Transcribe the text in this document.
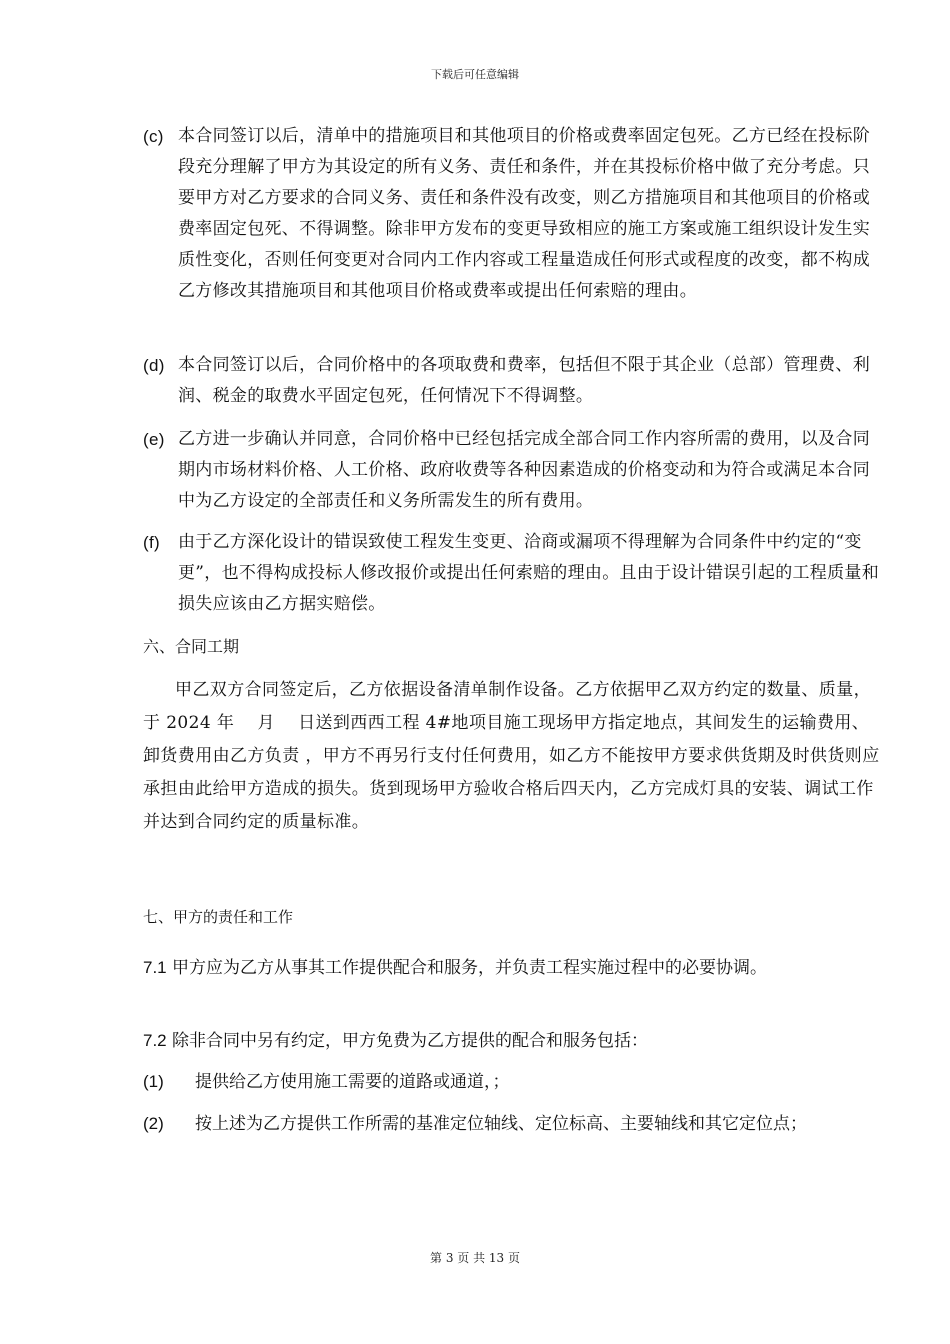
下载后可任意编辑
(c) 本合同签订以后，清单中的措施项目和其他项目的价格或费率固定包死。乙方已经在投标阶段充分理解了甲方为其设定的所有义务、责任和条件，并在其投标价格中做了充分考虑。只要甲方对乙方要求的合同义务、责任和条件没有改变，则乙方措施项目和其他项目的价格或费率固定包死、不得调整。除非甲方发布的变更导致相应的施工方案或施工组织设计发生实质性变化，否则任何变更对合同内工作内容或工程量造成任何形式或程度的改变，都不构成乙方修改其措施项目和其他项目价格或费率或提出任何索赔的理由。
(d) 本合同签订以后，合同价格中的各项取费和费率，包括但不限于其企业（总部）管理费、利润、税金的取费水平固定包死，任何情况下不得调整。
(e) 乙方进一步确认并同意，合同价格中已经包括完成全部合同工作内容所需的费用，以及合同期内市场材料价格、人工价格、政府收费等各种因素造成的价格变动和为符合或满足本合同中为乙方设定的全部责任和义务所需发生的所有费用。
(f) 由于乙方深化设计的错误致使工程发生变更、洽商或漏项不得理解为合同条件中约定的“变更”，也不得构成投标人修改报价或提出任何索赔的理由。且由于设计错误引起的工程质量和损失应该由乙方据实赔偿。
六、合同工期
甲乙双方合同签定后，乙方依据设备清单制作设备。乙方依据甲乙双方约定的数量、质量，于 2024 年 　月　 日送到西西工程 4#地项目施工现场甲方指定地点，其间发生的运输费用、卸货费用由乙方负责 ，甲方不再另行支付任何费用，如乙方不能按甲方要求供货期及时供货则应承担由此给甲方造成的损失。货到现场甲方验收合格后四天内，乙方完成灯具的安装、调试工作并达到合同约定的质量标准。
七、甲方的责任和工作
7.1 甲方应为乙方从事其工作提供配合和服务，并负责工程实施过程中的必要协调。
7.2 除非合同中另有约定，甲方免费为乙方提供的配合和服务包括：
(1) 提供给乙方使用施工需要的道路或通道，；
(2) 按上述为乙方提供工作所需的基准定位轴线、定位标高、主要轴线和其它定位点；
第 3 页 共 13 页
